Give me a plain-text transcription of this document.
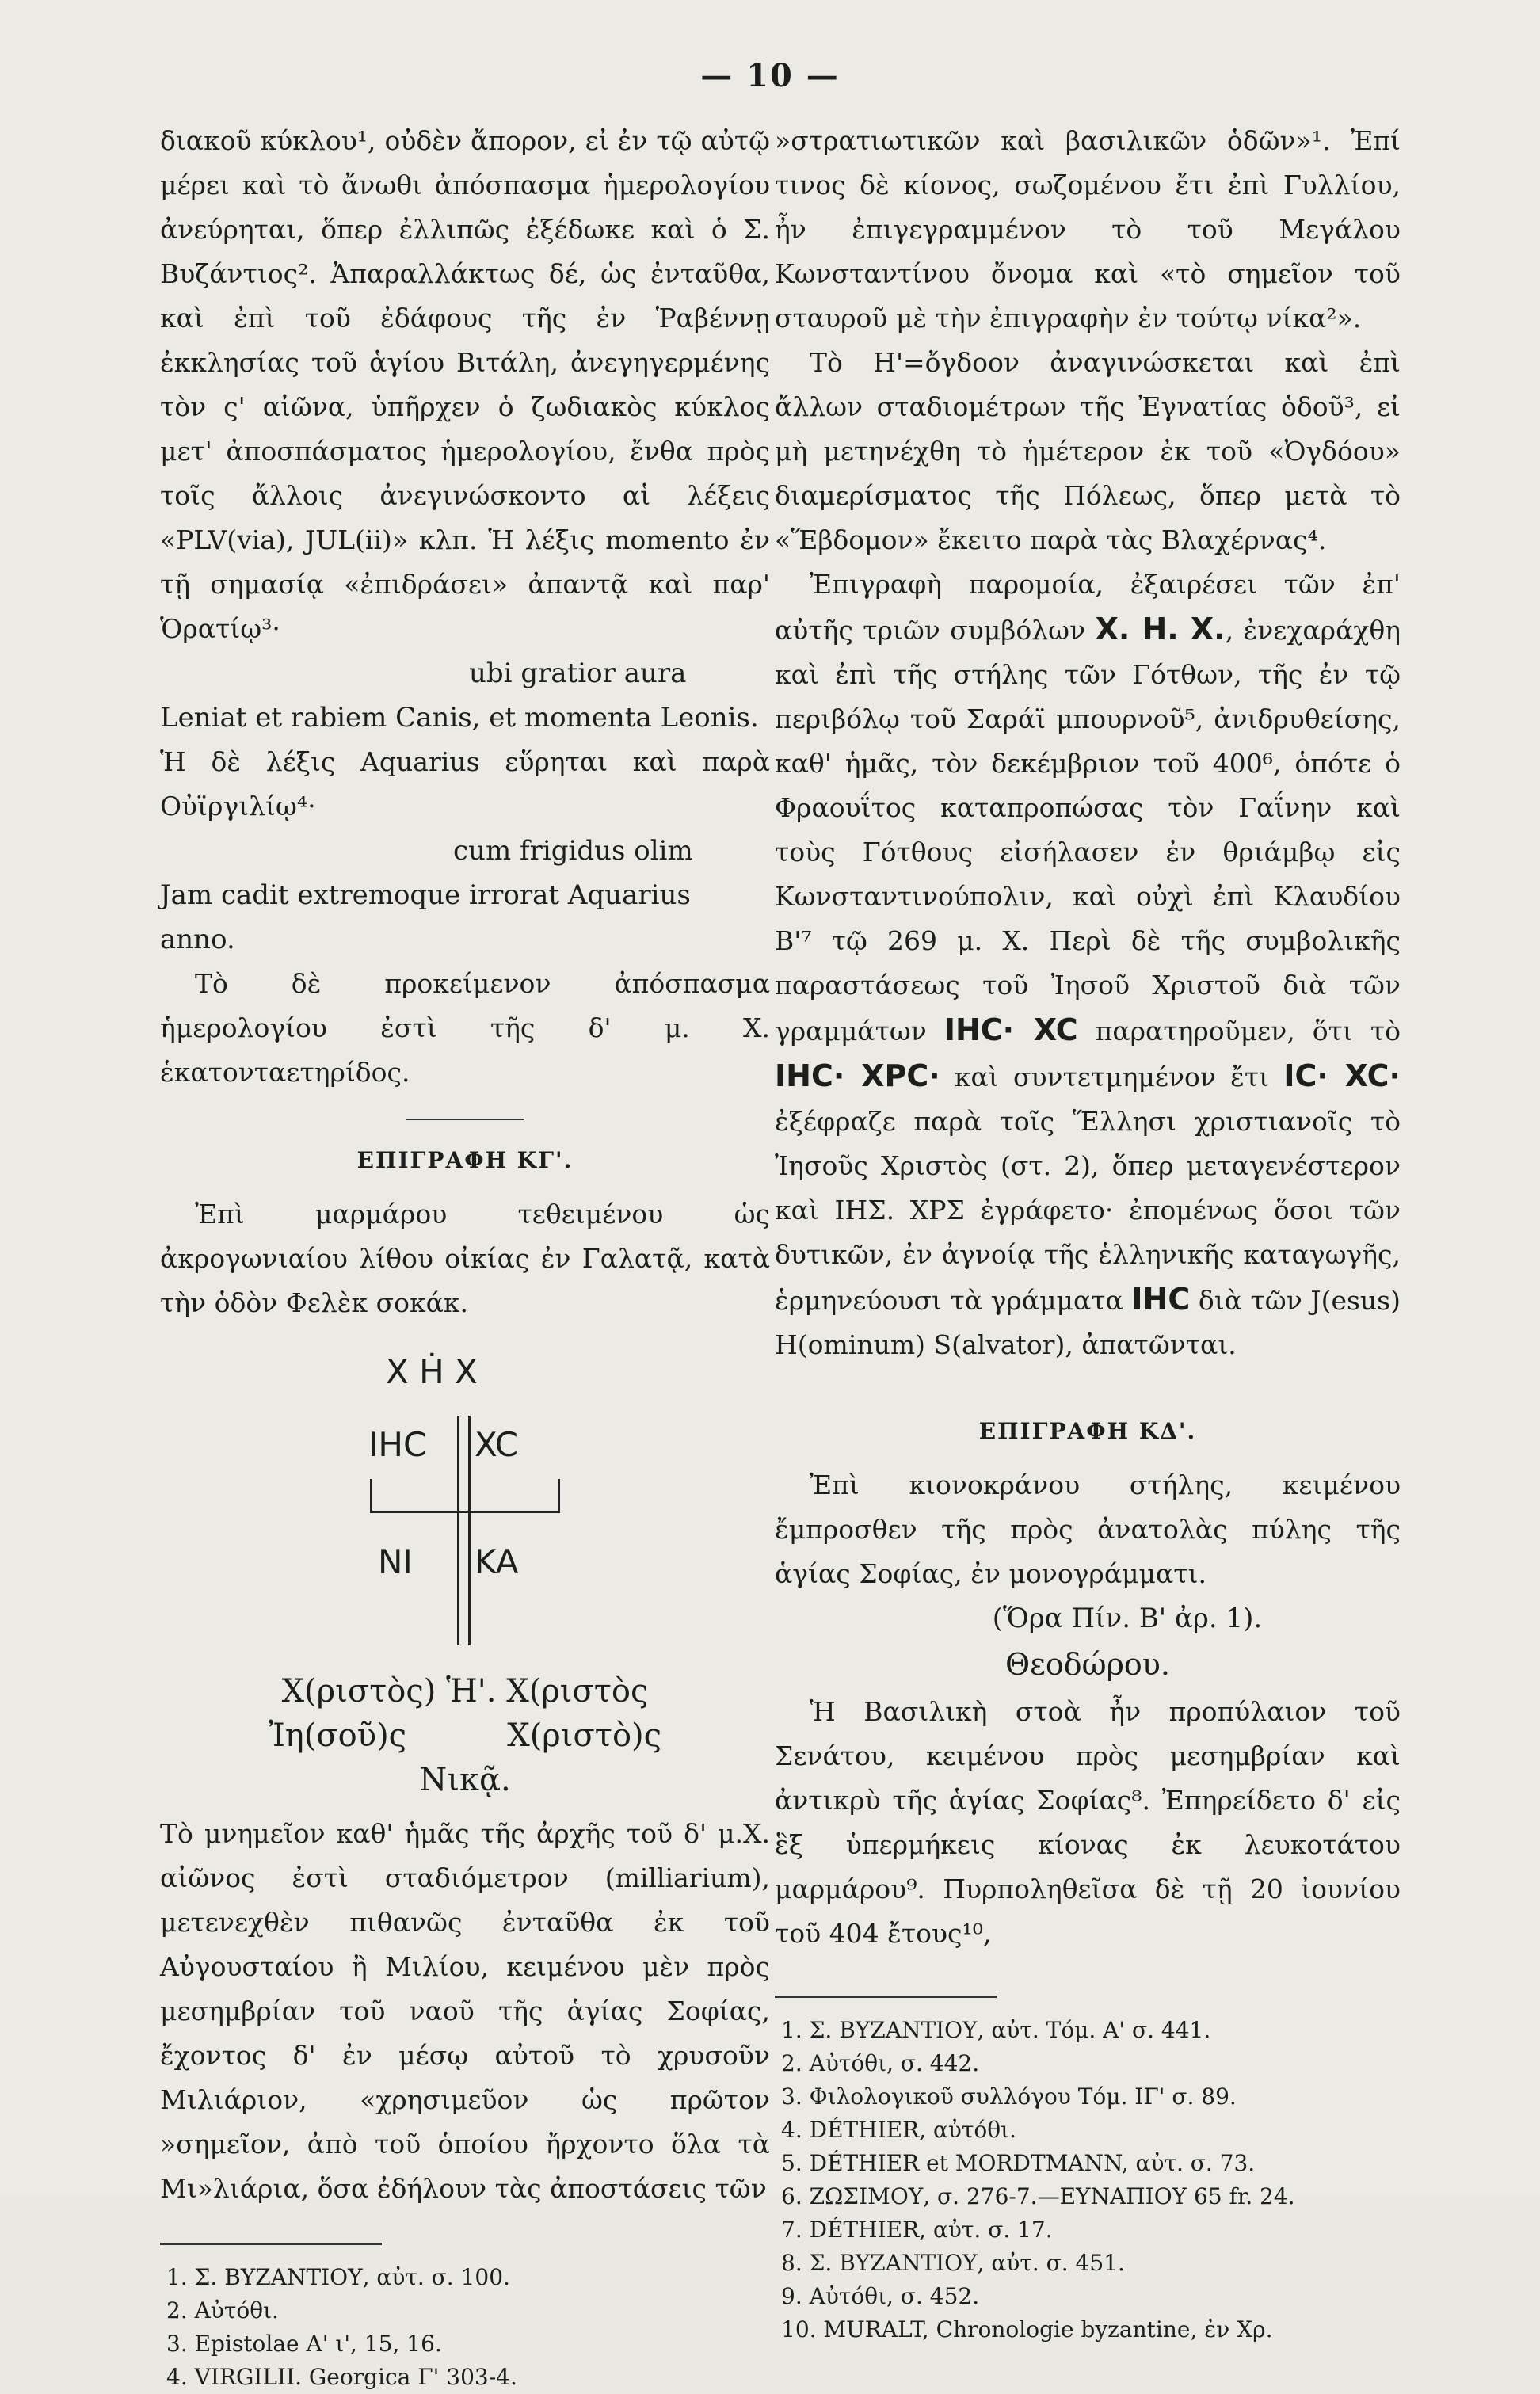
— 10 —

διακοῦ κύκλου¹, οὐδὲν ἄπορον, εἰ ἐν τῷ αὐτῷ μέρει καὶ τὸ ἄνωθι ἀπόσπασμα ἡμερολογίου ἀνεύρηται, ὅπερ ἐλλιπῶς ἐξέδωκε καὶ ὁ Σ. Βυζάντιος². Ἀπαραλλάκτως δέ, ὡς ἐνταῦθα, καὶ ἐπὶ τοῦ ἐδάφους τῆς ἐν Ῥαβέννῃ ἐκκλησίας τοῦ ἁγίου Βιτάλη, ἀνεγηγερμένης τὸν ς' αἰῶνα, ὑπῆρχεν ὁ ζωδιακὸς κύκλος μετ' ἀποσπάσματος ἡμερολογίου, ἔνθα πρὸς τοῖς ἄλλοις ἀνεγινώσκοντο αἱ λέξεις «PLV(via), JUL(ii)» κλπ. Ἡ λέξις momento ἐν τῇ σημασίᾳ «ἐπιδράσει» ἀπαντᾷ καὶ παρ' Ὁρατίῳ³·

ubi gratior aura
Leniat et rabiem Canis, et momenta Leonis.

Ἡ δὲ λέξις Aquarius εὕρηται καὶ παρὰ Οὐϊργιλίῳ⁴·

cum frigidus olim
Jam cadit extremoque irrorat Aquarius anno.

Τὸ δὲ προκείμενον ἀπόσπασμα ἡμερολογίου ἐστὶ τῆς δ' μ. Χ. ἑκατονταετηρίδος.

ΕΠΙΓΡΑΦΗ ΚΓ'.

Ἐπὶ μαρμάρου τεθειμένου ὡς ἀκρογωνιαίου λίθου οἰκίας ἐν Γαλατᾷ, κατὰ τὴν ὁδὸν Φελὲκ σοκάκ.

X Ḣ X
IHC XC
NI KA
Χ(ριστὸς) Ἡ'. Χ(ριστὸς
Ἰη(σοῦ)ς          Χ(ριστὸ)ς
Νικᾷ.

Τὸ μνημεῖον καθ' ἡμᾶς τῆς ἀρχῆς τοῦ δ' μ.Χ. αἰῶνος ἐστὶ σταδιόμετρον (milliarium), μετενεχθὲν πιθανῶς ἐνταῦθα ἐκ τοῦ Αὐγουσταίου ἢ Μιλίου, κειμένου μὲν πρὸς μεσημβρίαν τοῦ ναοῦ τῆς ἁγίας Σοφίας, ἔχοντος δ' ἐν μέσῳ αὐτοῦ τὸ χρυσοῦν Μιλιάριον, «χρησιμεῦον ὡς πρῶτον »σημεῖον, ἀπὸ τοῦ ὁποίου ἤρχοντο ὅλα τὰ Μι»λιάρια, ὅσα ἐδήλουν τὰς ἀποστάσεις τῶν

1. Σ. ΒΥΖΑΝΤΙΟΥ, αὐτ. σ. 100.
2. Αὐτόθι.
3. Epistolae Α' ι', 15, 16.
4. VIRGILII. Georgica Γ' 303-4.

»στρατιωτικῶν καὶ βασιλικῶν ὁδῶν»¹. Ἐπί τινος δὲ κίονος, σωζομένου ἔτι ἐπὶ Γυλλίου, ἦν ἐπιγεγραμμένον τὸ τοῦ Μεγάλου Κωνσταντίνου ὄνομα καὶ «τὸ σημεῖον τοῦ σταυροῦ μὲ τὴν ἐπιγραφὴν ἐν τούτῳ νίκα²».

Τὸ Η'=ὄγδοον ἀναγινώσκεται καὶ ἐπὶ ἄλλων σταδιομέτρων τῆς Ἐγνατίας ὁδοῦ³, εἰ μὴ μετηνέχθη τὸ ἡμέτερον ἐκ τοῦ «Ὀγδόου» διαμερίσματος τῆς Πόλεως, ὅπερ μετὰ τὸ «Ἕβδομον» ἔκειτο παρὰ τὰς Βλαχέρνας⁴.

Ἐπιγραφὴ παρομοία, ἐξαιρέσει τῶν ἐπ' αὐτῆς τριῶν συμβόλων X. H. X., ἐνεχαράχθη καὶ ἐπὶ τῆς στήλης τῶν Γότθων, τῆς ἐν τῷ περιβόλῳ τοῦ Σαράϊ μπουρνοῦ⁵, ἀνιδρυθείσης, καθ' ἡμᾶς, τὸν δεκέμβριον τοῦ 400⁶, ὁπότε ὁ Φραουΐτος καταπροπώσας τὸν Γαΐνην καὶ τοὺς Γότθους εἰσήλασεν ἐν θριάμβῳ εἰς Κωνσταντινούπολιν, καὶ οὐχὶ ἐπὶ Κλαυδίου Β'⁷ τῷ 269 μ. Χ. Περὶ δὲ τῆς συμβολικῆς παραστάσεως τοῦ Ἰησοῦ Χριστοῦ διὰ τῶν γραμμάτων IHC· XC παρατηροῦμεν, ὅτι τὸ IHC· XPC· καὶ συντετμημένον ἔτι IC· XC· ἐξέφραζε παρὰ τοῖς Ἕλλησι χριστιανοῖς τὸ Ἰησοῦς Χριστὸς (στ. 2), ὅπερ μεταγενέστερον καὶ ΙΗΣ. ΧΡΣ ἐγράφετο· ἐπομένως ὅσοι τῶν δυτικῶν, ἐν ἀγνοίᾳ τῆς ἑλληνικῆς καταγωγῆς, ἑρμηνεύουσι τὰ γράμματα IHC διὰ τῶν J(esus) H(ominum) S(alvator), ἀπατῶνται.

ΕΠΙΓΡΑΦΗ ΚΔ'.

Ἐπὶ κιονοκράνου στήλης, κειμένου ἔμπροσθεν τῆς πρὸς ἀνατολὰς πύλης τῆς ἁγίας Σοφίας, ἐν μονογράμματι.

(Ὅρα Πίν. Β' ἀρ. 1).
Θεοδώρου.

Ἡ Βασιλικὴ στοὰ ἦν προπύλαιον τοῦ Σενάτου, κειμένου πρὸς μεσημβρίαν καὶ ἀντικρὺ τῆς ἁγίας Σοφίας⁸. Ἐπηρείδετο δ' εἰς ἓξ ὑπερμήκεις κίονας ἐκ λευκοτάτου μαρμάρου⁹. Πυρποληθεῖσα δὲ τῇ 20 ἰουνίου τοῦ 404 ἔτους¹⁰,

1. Σ. ΒΥΖΑΝΤΙΟΥ, αὐτ. Τόμ. Α' σ. 441.
2. Αὐτόθι, σ. 442.
3. Φιλολογικοῦ συλλόγου Τόμ. ΙΓ' σ. 89.
4. DÉTHIER, αὐτόθι.
5. DÉTHIER et MORDTMANN, αὐτ. σ. 73.
6. ΖΩΣΙΜΟΥ, σ. 276-7.—ΕΥΝΑΠΙΟΥ 65 fr. 24.
7. DÉTHIER, αὐτ. σ. 17.
8. Σ. ΒΥΖΑΝΤΙΟΥ, αὐτ. σ. 451.
9. Αὐτόθι, σ. 452.
10. MURALT, Chronologie byzantine, ἐν Χρ.
